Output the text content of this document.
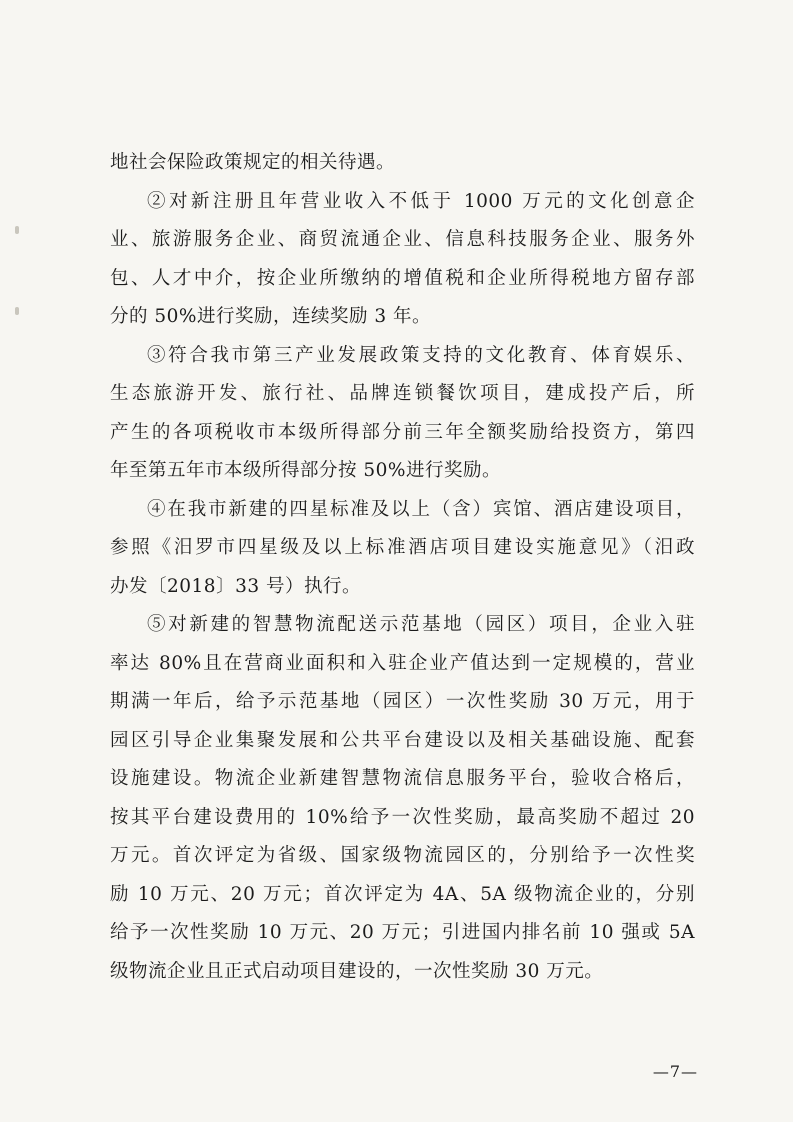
地社会保险政策规定的相关待遇。
②对新注册且年营业收入不低于 1000 万元的文化创意企
业、旅游服务企业、商贸流通企业、信息科技服务企业、服务外
包、人才中介，按企业所缴纳的增值税和企业所得税地方留存部
分的 50%进行奖励，连续奖励 3 年。
③符合我市第三产业发展政策支持的文化教育、体育娱乐、
生态旅游开发、旅行社、品牌连锁餐饮项目，建成投产后，所
产生的各项税收市本级所得部分前三年全额奖励给投资方，第四
年至第五年市本级所得部分按 50%进行奖励。
④在我市新建的四星标准及以上（含）宾馆、酒店建设项目，
参照《汨罗市四星级及以上标准酒店项目建设实施意见》（汨政
办发〔2018〕33 号）执行。
⑤对新建的智慧物流配送示范基地（园区）项目，企业入驻
率达 80%且在营商业面积和入驻企业产值达到一定规模的，营业
期满一年后，给予示范基地（园区）一次性奖励 30 万元，用于
园区引导企业集聚发展和公共平台建设以及相关基础设施、配套
设施建设。物流企业新建智慧物流信息服务平台，验收合格后，
按其平台建设费用的 10%给予一次性奖励，最高奖励不超过 20
万元。首次评定为省级、国家级物流园区的，分别给予一次性奖
励 10 万元、20 万元；首次评定为 4A、5A 级物流企业的，分别
给予一次性奖励 10 万元、20 万元；引进国内排名前 10 强或 5A
级物流企业且正式启动项目建设的，一次性奖励 30 万元。
—7—
